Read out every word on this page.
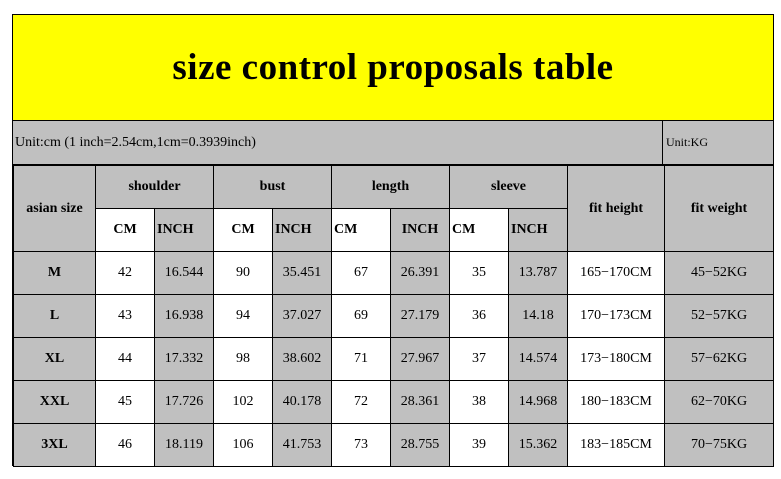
size control proposals table
Unit:cm (1 inch=2.54cm,1cm=0.3939inch)	Unit:KG
asian size	shoulder		bust		length		sleeve		fit height	fit weight
	CM	INCH	CM	INCH	CM	INCH	CM	INCH		
M	42	16.544	90	35.451	67	26.391	35	13.787	165−170CM	45−52KG
L	43	16.938	94	37.027	69	27.179	36	14.18	170−173CM	52−57KG
XL	44	17.332	98	38.602	71	27.967	37	14.574	173−180CM	57−62KG
XXL	45	17.726	102	40.178	72	28.361	38	14.968	180−183CM	62−70KG
3XL	46	18.119	106	41.753	73	28.755	39	15.362	183−185CM	70−75KG
